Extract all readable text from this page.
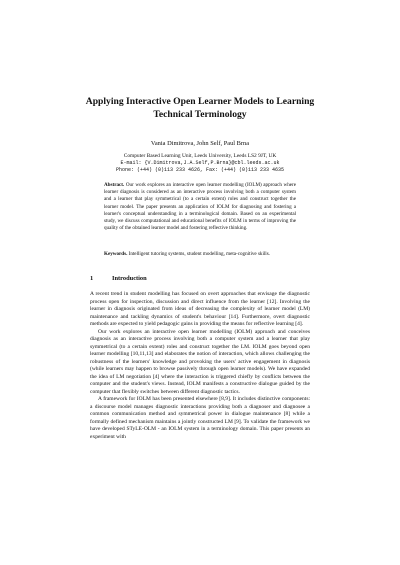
Applying Interactive Open Learner Models to Learning
Technical Terminology
Vania Dimitrova, John Self, Paul Brna
Computer Based Learning Unit, Leeds University, Leeds LS2 9JT, UK
E-mail: {V.Dimitrova,J.A.Self,P.Brna}@cbl.leeds.ac.uk
Phone: (+44) (0)113 233 4626, Fax: (+44) (0)113 233 4635
Abstract. Our work explores an interactive open learner modelling (IOLM) approach where learner diagnosis is considered as an interactive process involving both a computer system and a learner that play symmetrical (to a certain extent) roles and construct together the learner model. The paper presents an application of IOLM for diagnosing and fostering a learner's conceptual understanding in a terminological domain. Based on an experimental study, we discuss computational and educational benefits of IOLM in terms of improving the quality of the obtained learner model and fostering reflective thinking.
Keywords. Intelligent tutoring systems, student modelling, meta-cognitive skills.
1	Introduction

A recent trend in student modelling has focused on overt approaches that envisage the diagnostic process open for inspection, discussion and direct influence from the learner [12]. Involving the learner in diagnosis originated from ideas of decreasing the complexity of learner model (LM) maintenance and tackling dynamics of student's behaviour [14]. Furthermore, overt diagnostic methods are expected to yield pedagogic gains in providing the means for reflective learning [4].

Our work explores an interactive open learner modelling (IOLM) approach and conceives diagnosis as an interactive process involving both a computer system and a learner that play symmetrical (to a certain extent) roles and construct together the LM. IOLM goes beyond open learner modelling [10,11,13] and elaborates the notion of interaction, which allows challenging the robustness of the learners' knowledge and provoking the users' active engagement in diagnosis (while learners may happen to browse passively through open learner models). We have expanded the idea of LM negotiation [4] where the interaction is triggered chiefly by conflicts between the computer and the student's views. Instead, IOLM manifests a constructive dialogue guided by the computer that flexibly switches between different diagnostic tactics.

A framework for IOLM has been presented elsewhere [8,9]. It includes distinctive components: a discourse model manages diagnostic interactions providing both a diagnoser and diagnosee a common communication method and symmetrical power in dialogue maintenance [8] while a formally defined mechanism maintains a jointly constructed LM [9]. To validate the framework we have developed STyLE-OLM - an IOLM system in a terminology domain. This paper presents an experiment with
